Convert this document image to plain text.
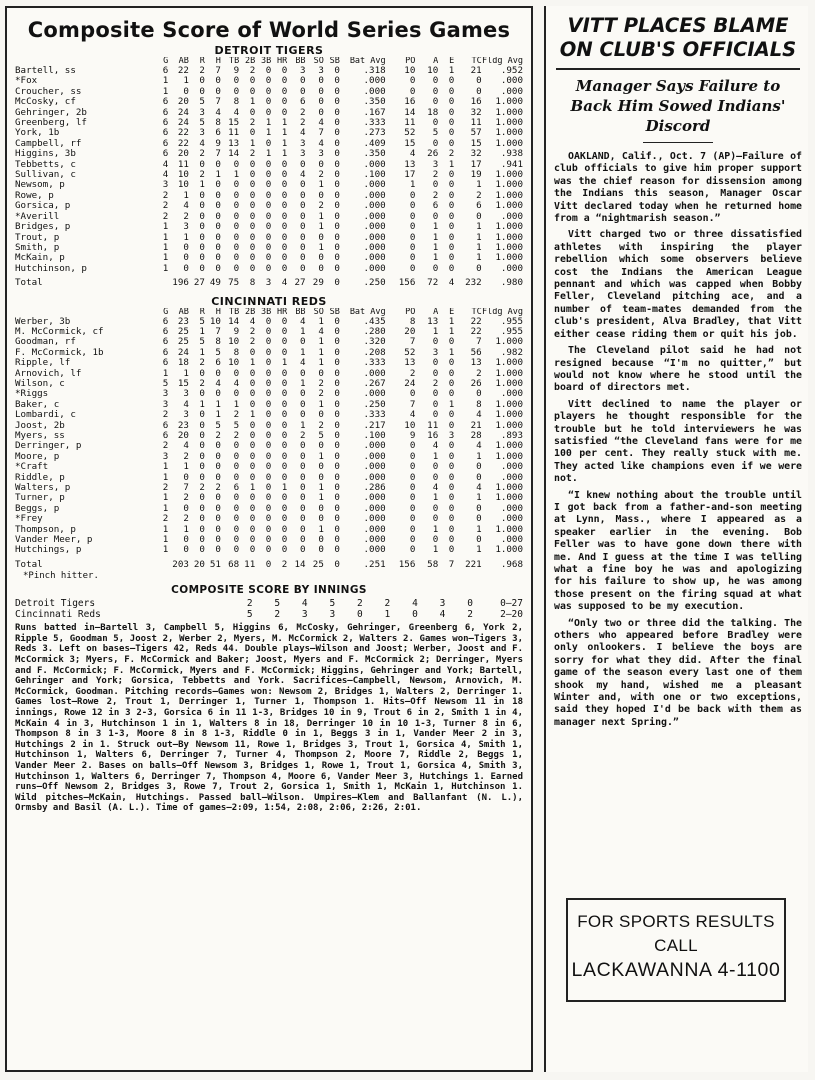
Composite Score of World Series Games
DETROIT TIGERS
	G	AB	R	H	TB	2B	3B	HR	BB	SO	SB	Bat Avg	PO	A	E	TC	Fldg Avg
Bartell, ss	6	22	2	7	9	2	0	0	3	3	0	.318	10	10	1	21	.952
*Fox	1	1	0	0	0	0	0	0	0	0	0	.000	0	0	0	0	.000
Croucher, ss	1	0	0	0	0	0	0	0	0	0	0	.000	0	0	0	0	.000
McCosky, cf	6	20	5	7	8	1	0	0	6	0	0	.350	16	0	0	16	1.000
Gehringer, 2b	6	24	3	4	4	0	0	0	2	0	0	.167	14	18	0	32	1.000
Greenberg, lf	6	24	5	8	15	2	1	1	2	4	0	.333	11	0	0	11	1.000
York, 1b	6	22	3	6	11	0	1	1	4	7	0	.273	52	5	0	57	1.000
Campbell, rf	6	22	4	9	13	1	0	1	3	4	0	.409	15	0	0	15	1.000
Higgins, 3b	6	20	2	7	14	2	1	1	3	3	0	.350	4	26	2	32	.938
Tebbetts, c	4	11	0	0	0	0	0	0	0	0	0	.000	13	3	1	17	.941
Sullivan, c	4	10	2	1	1	0	0	0	4	2	0	.100	17	2	0	19	1.000
Newsom, p	3	10	1	0	0	0	0	0	0	1	0	.000	1	0	0	1	1.000
Rowe, p	2	1	0	0	0	0	0	0	0	0	0	.000	0	2	0	2	1.000
Gorsica, p	2	4	0	0	0	0	0	0	0	2	0	.000	0	6	0	6	1.000
*Averill	2	2	0	0	0	0	0	0	0	1	0	.000	0	0	0	0	.000
Bridges, p	1	3	0	0	0	0	0	0	0	1	0	.000	0	1	0	1	1.000
Trout, p	1	1	0	0	0	0	0	0	0	0	0	.000	0	1	0	1	1.000
Smith, p	1	0	0	0	0	0	0	0	0	1	0	.000	0	1	0	1	1.000
McKain, p	1	0	0	0	0	0	0	0	0	0	0	.000	0	1	0	1	1.000
Hutchinson, p	1	0	0	0	0	0	0	0	0	0	0	.000	0	0	0	0	.000
Total		196	27	49	75	8	3	4	27	29	0	.250	156	72	4	232	.980
CINCINNATI REDS
	G	AB	R	H	TB	2B	3B	HR	BB	SO	SB	Bat Avg	PO	A	E	TC	Fldg Avg
Werber, 3b	6	23	5	10	14	4	0	0	4	1	0	.435	8	13	1	22	.955
M. McCormick, cf	6	25	1	7	9	2	0	0	1	4	0	.280	20	1	1	22	.955
Goodman, rf	6	25	5	8	10	2	0	0	0	1	0	.320	7	0	0	7	1.000
F. McCormick, 1b	6	24	1	5	8	0	0	0	1	1	0	.208	52	3	1	56	.982
Ripple, lf	6	18	2	6	10	1	0	1	4	1	0	.333	13	0	0	13	1.000
Arnovich, lf	1	1	0	0	0	0	0	0	0	0	0	.000	2	0	0	2	1.000
Wilson, c	5	15	2	4	4	0	0	0	1	2	0	.267	24	2	0	26	1.000
*Riggs	3	3	0	0	0	0	0	0	0	2	0	.000	0	0	0	0	.000
Baker, c	3	4	1	1	1	0	0	0	0	1	0	.250	7	0	1	8	1.000
Lombardi, c	2	3	0	1	2	1	0	0	0	0	0	.333	4	0	0	4	1.000
Joost, 2b	6	23	0	5	5	0	0	0	1	2	0	.217	10	11	0	21	1.000
Myers, ss	6	20	0	2	2	0	0	0	2	5	0	.100	9	16	3	28	.893
Derringer, p	2	4	0	0	0	0	0	0	0	0	0	.000	0	4	0	4	1.000
Moore, p	3	2	0	0	0	0	0	0	0	1	0	.000	0	1	0	1	1.000
*Craft	1	1	0	0	0	0	0	0	0	0	0	.000	0	0	0	0	.000
Riddle, p	1	0	0	0	0	0	0	0	0	0	0	.000	0	0	0	0	.000
Walters, p	2	7	2	2	6	1	0	1	0	1	0	.286	0	4	0	4	1.000
Turner, p	1	2	0	0	0	0	0	0	0	1	0	.000	0	1	0	1	1.000
Beggs, p	1	0	0	0	0	0	0	0	0	0	0	.000	0	0	0	0	.000
*Frey	2	2	0	0	0	0	0	0	0	0	0	.000	0	0	0	0	.000
Thompson, p	1	1	0	0	0	0	0	0	0	1	0	.000	0	1	0	1	1.000
Vander Meer, p	1	0	0	0	0	0	0	0	0	0	0	.000	0	0	0	0	.000
Hutchings, p	1	0	0	0	0	0	0	0	0	0	0	.000	0	1	0	1	1.000
Total		203	20	51	68	11	0	2	14	25	0	.251	156	58	7	221	.968
*Pinch hitter.
COMPOSITE SCORE BY INNINGS
Detroit Tigers	2	5	4	5	2	2	4	3	0	0—27
Cincinnati Reds	5	2	3	3	0	1	0	4	2	2—20
Runs batted in—Bartell 3, Campbell 5, Higgins 6, McCosky, Gehringer, Greenberg 6, York 2, Ripple 5, Goodman 5, Joost 2, Werber 2, Myers, M. McCormick 2, Walters 2. Games won—Tigers 3, Reds 3. Left on bases—Tigers 42, Reds 44. Double plays—Wilson and Joost; Werber, Joost and F. McCormick 3; Myers, F. McCormick and Baker; Joost, Myers and F. McCormick 2; Derringer, Myers and F. McCormick; F. McCormick, Myers and F. McCormick; Higgins, Gehringer and York; Bartell, Gehringer and York; Gorsica, Tebbetts and York. Sacrifices—Campbell, Newsom, Arnovich, M. McCormick, Goodman. Pitching records—Games won: Newsom 2, Bridges 1, Walters 2, Derringer 1. Games lost—Rowe 2, Trout 1, Derringer 1, Turner 1, Thompson 1. Hits—Off Newsom 11 in 18 innings, Rowe 12 in 3 2-3, Gorsica 6 in 11 1-3, Bridges 10 in 9, Trout 6 in 2, Smith 1 in 4, McKain 4 in 3, Hutchinson 1 in 1, Walters 8 in 18, Derringer 10 in 10 1-3, Turner 8 in 6, Thompson 8 in 3 1-3, Moore 8 in 8 1-3, Riddle 0 in 1, Beggs 3 in 1, Vander Meer 2 in 3, Hutchings 2 in 1. Struck out—By Newsom 11, Rowe 1, Bridges 3, Trout 1, Gorsica 4, Smith 1, Hutchinson 1, Walters 6, Derringer 7, Turner 4, Thompson 2, Moore 7, Riddle 2, Beggs 1, Vander Meer 2. Bases on balls—Off Newsom 3, Bridges 1, Rowe 1, Trout 1, Gorsica 4, Smith 3, Hutchinson 1, Walters 6, Derringer 7, Thompson 4, Moore 6, Vander Meer 3, Hutchings 1. Earned runs—Off Newsom 2, Bridges 3, Rowe 7, Trout 2, Gorsica 1, Smith 1, McKain 1, Hutchinson 1. Wild pitches—McKain, Hutchings. Passed ball—Wilson. Umpires—Klem and Ballanfant (N. L.), Ormsby and Basil (A. L.). Time of games—2:09, 1:54, 2:08, 2:06, 2:26, 2:01.
VITT PLACES BLAME ON CLUB'S OFFICIALS
Manager Says Failure to Back Him Sowed Indians' Discord

OAKLAND, Calif., Oct. 7 (AP)—Failure of club officials to give him proper support was the chief reason for dissension among the Indians this season, Manager Oscar Vitt declared today when he returned home from a “nightmarish season.”

Vitt charged two or three dissatisfied athletes with inspiring the player rebellion which some observers believe cost the Indians the American League pennant and which was capped when Bobby Feller, Cleveland pitching ace, and a number of team-mates demanded from the club's president, Alva Bradley, that Vitt either cease riding them or quit his job.

The Cleveland pilot said he had not resigned because “I'm no quitter,” but would not know where he stood until the board of directors met.

Vitt declined to name the player or players he thought responsible for the trouble but he told interviewers he was satisfied “the Cleveland fans were for me 100 per cent. They really stuck with me. They acted like champions even if we were not.

“I knew nothing about the trouble until I got back from a father-and-son meeting at Lynn, Mass., where I appeared as a speaker earlier in the evening. Bob Feller was to have gone down there with me. And I guess at the time I was telling what a fine boy he was and apologizing for his failure to show up, he was among those present on the firing squad at what was supposed to be my execution.

“Only two or three did the talking. The others who appeared before Bradley were only onlookers. I believe the boys are sorry for what they did. After the final game of the season every last one of them shook my hand, wished me a pleasant Winter and, with one or two exceptions, said they hoped I'd be back with them as manager next Spring.”

FOR SPORTS RESULTS
CALL
LACKAWANNA 4-1100
